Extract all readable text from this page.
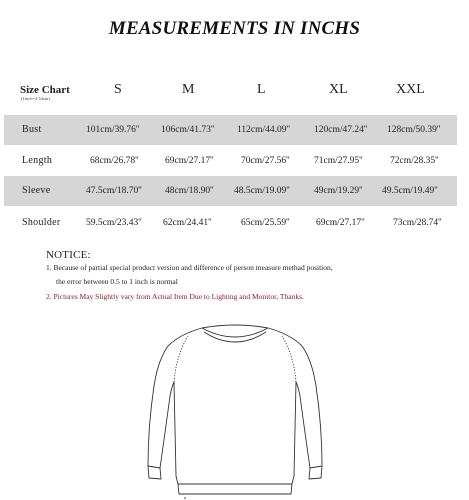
MEASUREMENTS IN INCHS
Size Chart
(1inch=2.54cm)
S	M	L	XL	XXL
Bust	101cm/39.76'' 106cm/41.73'' 112cm/44.09''	120cm/47.24'' 128cm/50.39''
Length	68cm/26.78''	69cm/27.17''	70cm/27.56''	71cm/27.95''	72cm/28.35''
Sleeve	47.5cm/18.70'' 48cm/18.90'' 48.5cm/19.09''	49cm/19.29'' 49.5cm/19.49''
Shoulder	59.5cm/23.43'' 62cm/24.41''	65cm/25.59''	69cm/27.17''	73cm/28.74''
NOTICE:
1. Because of partial special product version and difference of person measure methad position,
the error between 0.5 to 1 inch is normal
2. Pictures May Slightly vary from Actual Item Due to Lighting and Monitor, Thanks.
